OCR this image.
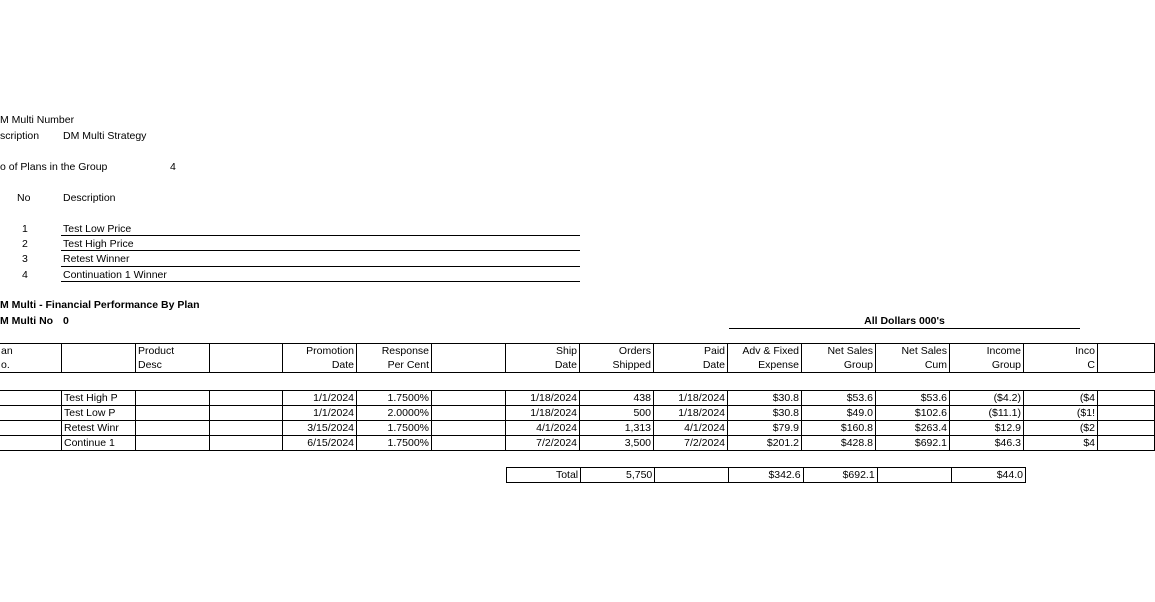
M Multi Number
scription DM Multi Strategy
o of Plans in the Group	4
No	Description
1	Test Low Price
2	Test High Price
3	Retest Winner
4	Continuation 1 Winner
M Multi - Financial Performance By Plan
M Multi No 0	All Dollars 000's
an		Product		Promotion	Response		Ship	Orders	Paid	Adv & Fixed	Net Sales	Net Sales	Income	Inco	
o.		Desc		Date	Per Cent		Date	Shipped	Date	Expense	Group	Cum	Group	C	
	Test High P			1/1/2024	1.7500%		1/18/2024	438	1/18/2024	$30.8	$53.6	$53.6	($4.2)	($4	
	Test Low P			1/1/2024	2.0000%		1/18/2024	500	1/18/2024	$30.8	$49.0	$102.6	($11.1)	($1!	
	Retest Winr			3/15/2024	1.7500%		4/1/2024	1,313	4/1/2024	$79.9	$160.8	$263.4	$12.9	($2	
	Continue 1			6/15/2024	1.7500%		7/2/2024	3,500	7/2/2024	$201.2	$428.8	$692.1	$46.3	$4	
Total	5,750		$342.6	$692.1		$44.0
